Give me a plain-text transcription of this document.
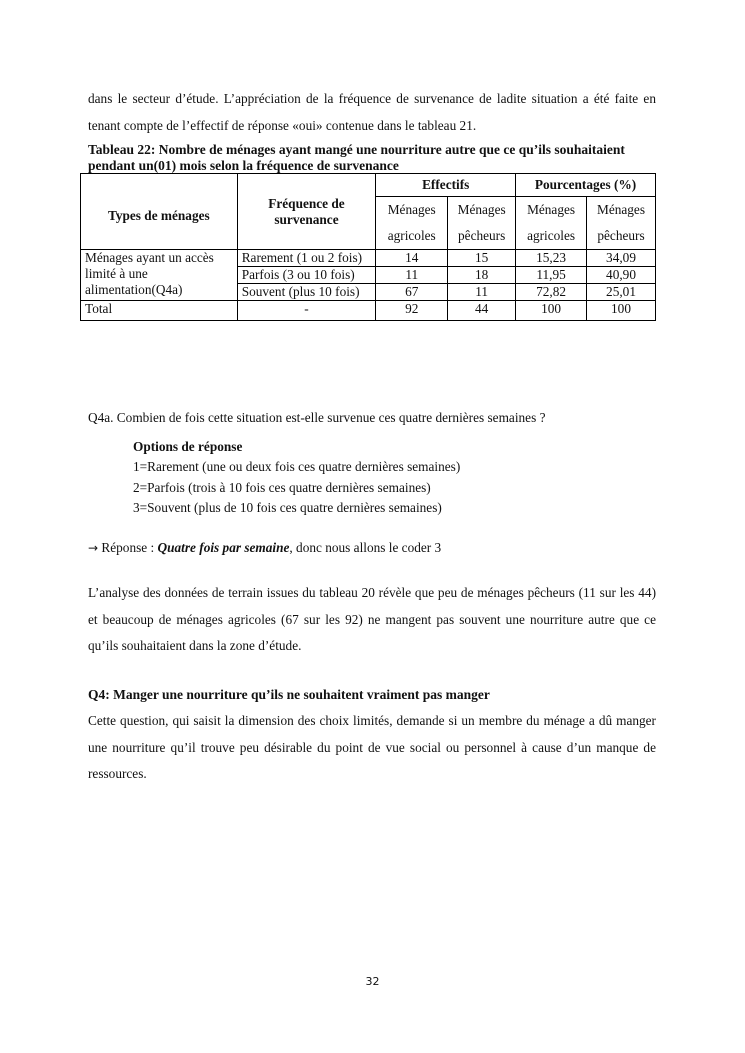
dans le secteur d’étude. L’appréciation de la fréquence de survenance de ladite situation a été faite en tenant compte de l’effectif de réponse «oui» contenue dans le tableau 21.

Tableau 22: Nombre de ménages ayant mangé une nourriture autre que ce qu’ils souhaitaient pendant un(01) mois selon la fréquence de survenance
Types de ménages	Fréquence de survenance	Effectifs		Pourcentages (%)	
		Ménages agricoles	Ménages pêcheurs	Ménages agricoles	Ménages pêcheurs
Ménages ayant un accès limité à une alimentation(Q4a)	Rarement (1 ou 2 fois)	14	15	15,23	34,09
	Parfois (3 ou 10 fois)	11	18	11,95	40,90
	Souvent (plus 10 fois)	67	11	72,82	25,01
Total	-	92	44	100	100
Q4a. Combien de fois cette situation est-elle survenue ces quatre dernières semaines ?
Options de réponse
1=Rarement (une ou deux fois ces quatre dernières semaines)
2=Parfois (trois à 10 fois ces quatre dernières semaines)
3=Souvent (plus de 10 fois ces quatre dernières semaines)
→ Réponse : Quatre fois par semaine, donc nous allons le coder 3

L’analyse des données de terrain issues du tableau 20 révèle que peu de ménages pêcheurs (11 sur les 44) et beaucoup de ménages agricoles (67 sur les 92) ne mangent pas souvent une nourriture autre que ce qu’ils souhaitaient dans la zone d’étude.

Q4: Manger une nourriture qu’ils ne souhaitent vraiment pas manger

Cette question, qui saisit la dimension des choix limités, demande si un membre du ménage a dû manger une nourriture qu’il trouve peu désirable du point de vue social ou personnel à cause d’un manque de ressources.

32
